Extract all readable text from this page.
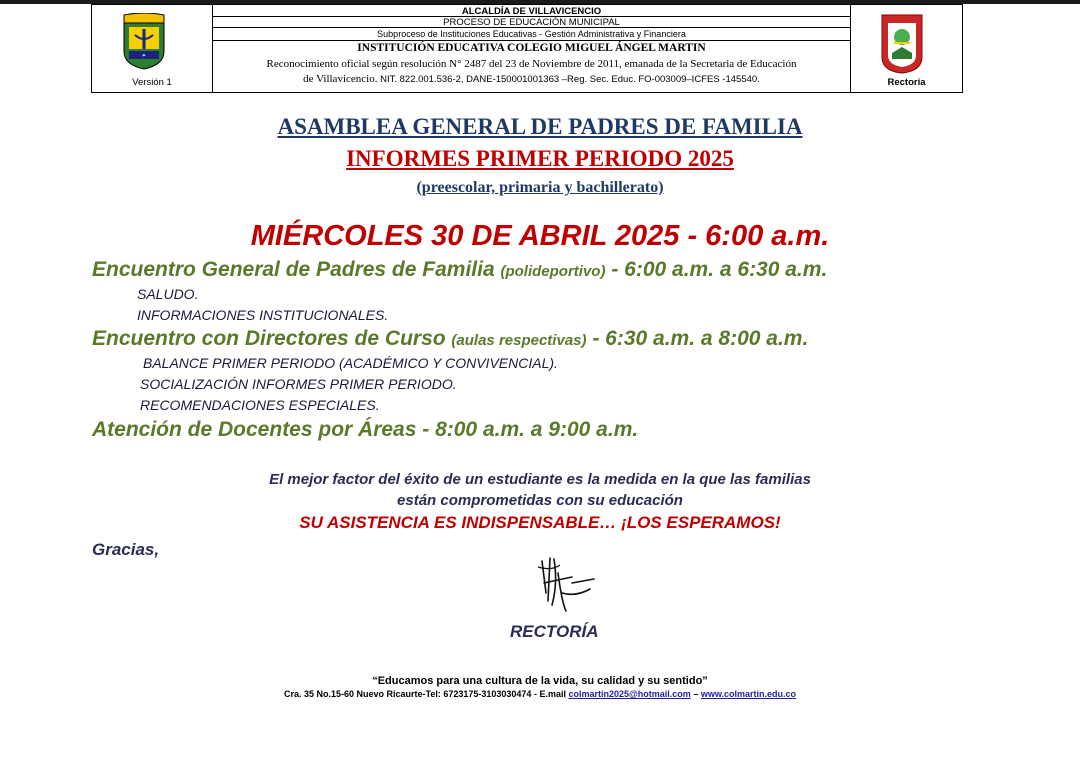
✦
Versión 1
ALCALDÍA DE VILLAVICENCIO
PROCESO DE EDUCACIÓN MUNICIPAL
Subproceso de Instituciones Educativas - Gestión Administrativa y Financiera
INSTITUCIÓN EDUCATIVA COLEGIO MIGUEL ÁNGEL MARTIN
Reconocimiento oficial según resolución N° 2487 del 23 de Noviembre de 2011, emanada de la Secretaria de Educación
de Villavicencio. NIT. 822.001.536-2, DANE-150001001363 –Reg. Sec. Educ. FO-003009–ICFES -145540.	Rectoría
ASAMBLEA GENERAL DE PADRES DE FAMILIA
INFORMES PRIMER PERIODO 2025
(preescolar, primaria y bachillerato)
MIÉRCOLES 30 DE ABRIL 2025 - 6:00 a.m.
Encuentro General de Padres de Familia (polideportivo) - 6:00 a.m. a 6:30 a.m.
SALUDO.
INFORMACIONES INSTITUCIONALES.
Encuentro con Directores de Curso (aulas respectivas) - 6:30 a.m. a 8:00 a.m.
BALANCE PRIMER PERIODO (ACADÉMICO Y CONVIVENCIAL).
SOCIALIZACIÓN INFORMES PRIMER PERIODO.
RECOMENDACIONES ESPECIALES.
Atención de Docentes por Áreas - 8:00 a.m. a 9:00 a.m.
El mejor factor del éxito de un estudiante es la medida en la que las familias
están comprometidas con su educación
SU ASISTENCIA ES INDISPENSABLE… ¡LOS ESPERAMOS!
Gracias,
RECTORÍA
“Educamos para una cultura de la vida, su calidad y su sentido”
Cra. 35 No.15-60 Nuevo Ricaurte-Tel: 6723175-3103030474 - E.mail colmartin2025@hotmail.com – www.colmartin.edu.co
